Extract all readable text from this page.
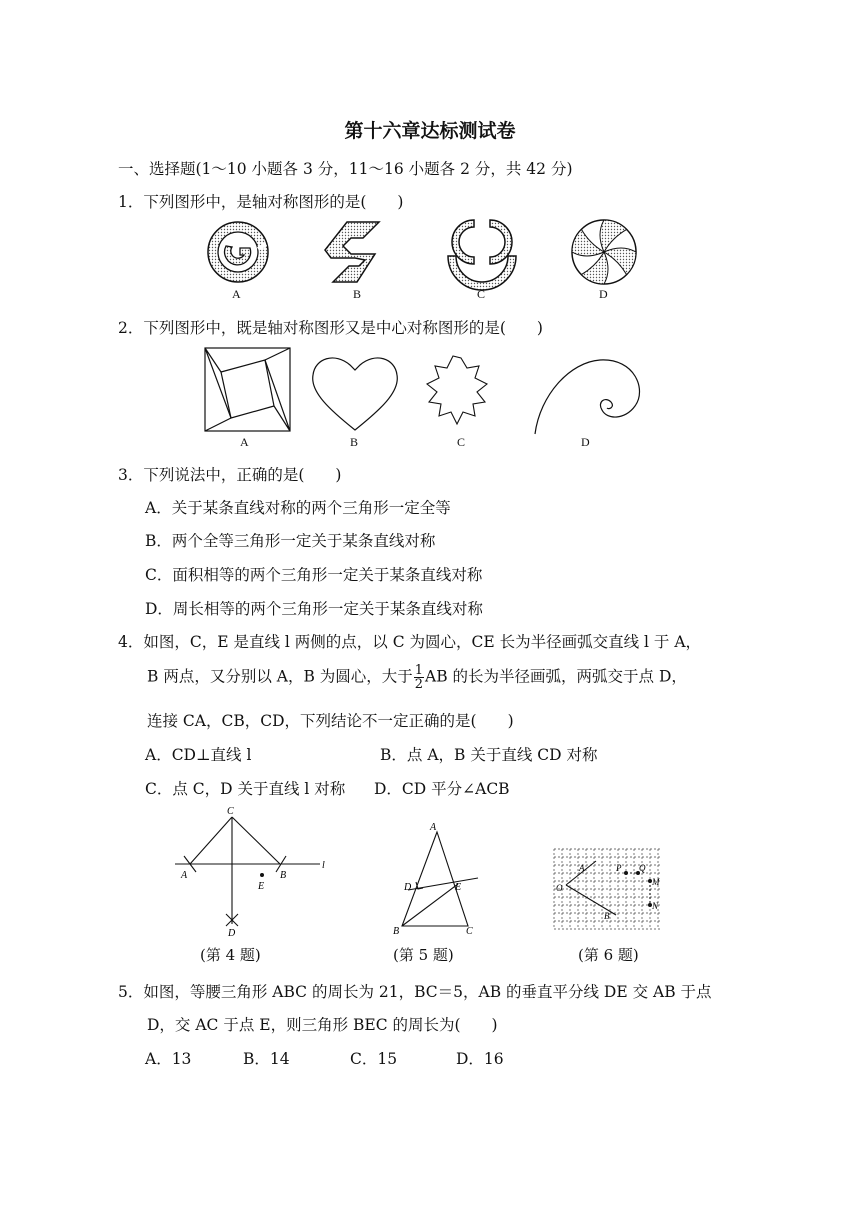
第十六章达标测试卷
一、选择题(1～10 小题各 3 分，11～16 小题各 2 分，共 42 分)
1．下列图形中，是轴对称图形的是(　　)
A	B	C	D
2．下列图形中，既是轴对称图形又是中心对称图形的是(　　)
A	B	C	D
3．下列说法中，正确的是(　　)
A．关于某条直线对称的两个三角形一定全等
B．两个全等三角形一定关于某条直线对称
C．面积相等的两个三角形一定关于某条直线对称
D．周长相等的两个三角形一定关于某条直线对称
4．如图，C，E 是直线 l 两侧的点，以 C 为圆心，CE 长为半径画弧交直线 l 于 A，
B 两点，又分别以 A，B 为圆心，大于 $\frac{1}{2}$ AB 的长为半径画弧，两弧交于点 D，
连接 CA，CB，CD，下列结论不一定正确的是(　　)
A．CD⊥直线 l	B．点 A，B 关于直线 CD 对称
C．点 C，D 关于直线 l 对称 D．CD 平分∠ACB
C
A	B
E
D
l
(第 4 题)
A
B	C
D	E
(第 5 题)
O
A
B
P Q
M
N
(第 6 题)
5．如图，等腰三角形 ABC 的周长为 21，BC＝5，AB 的垂直平分线 DE 交 AB 于点
D，交 AC 于点 E，则三角形 BEC 的周长为(　　)
A．13	B．14	C．15	D．16
